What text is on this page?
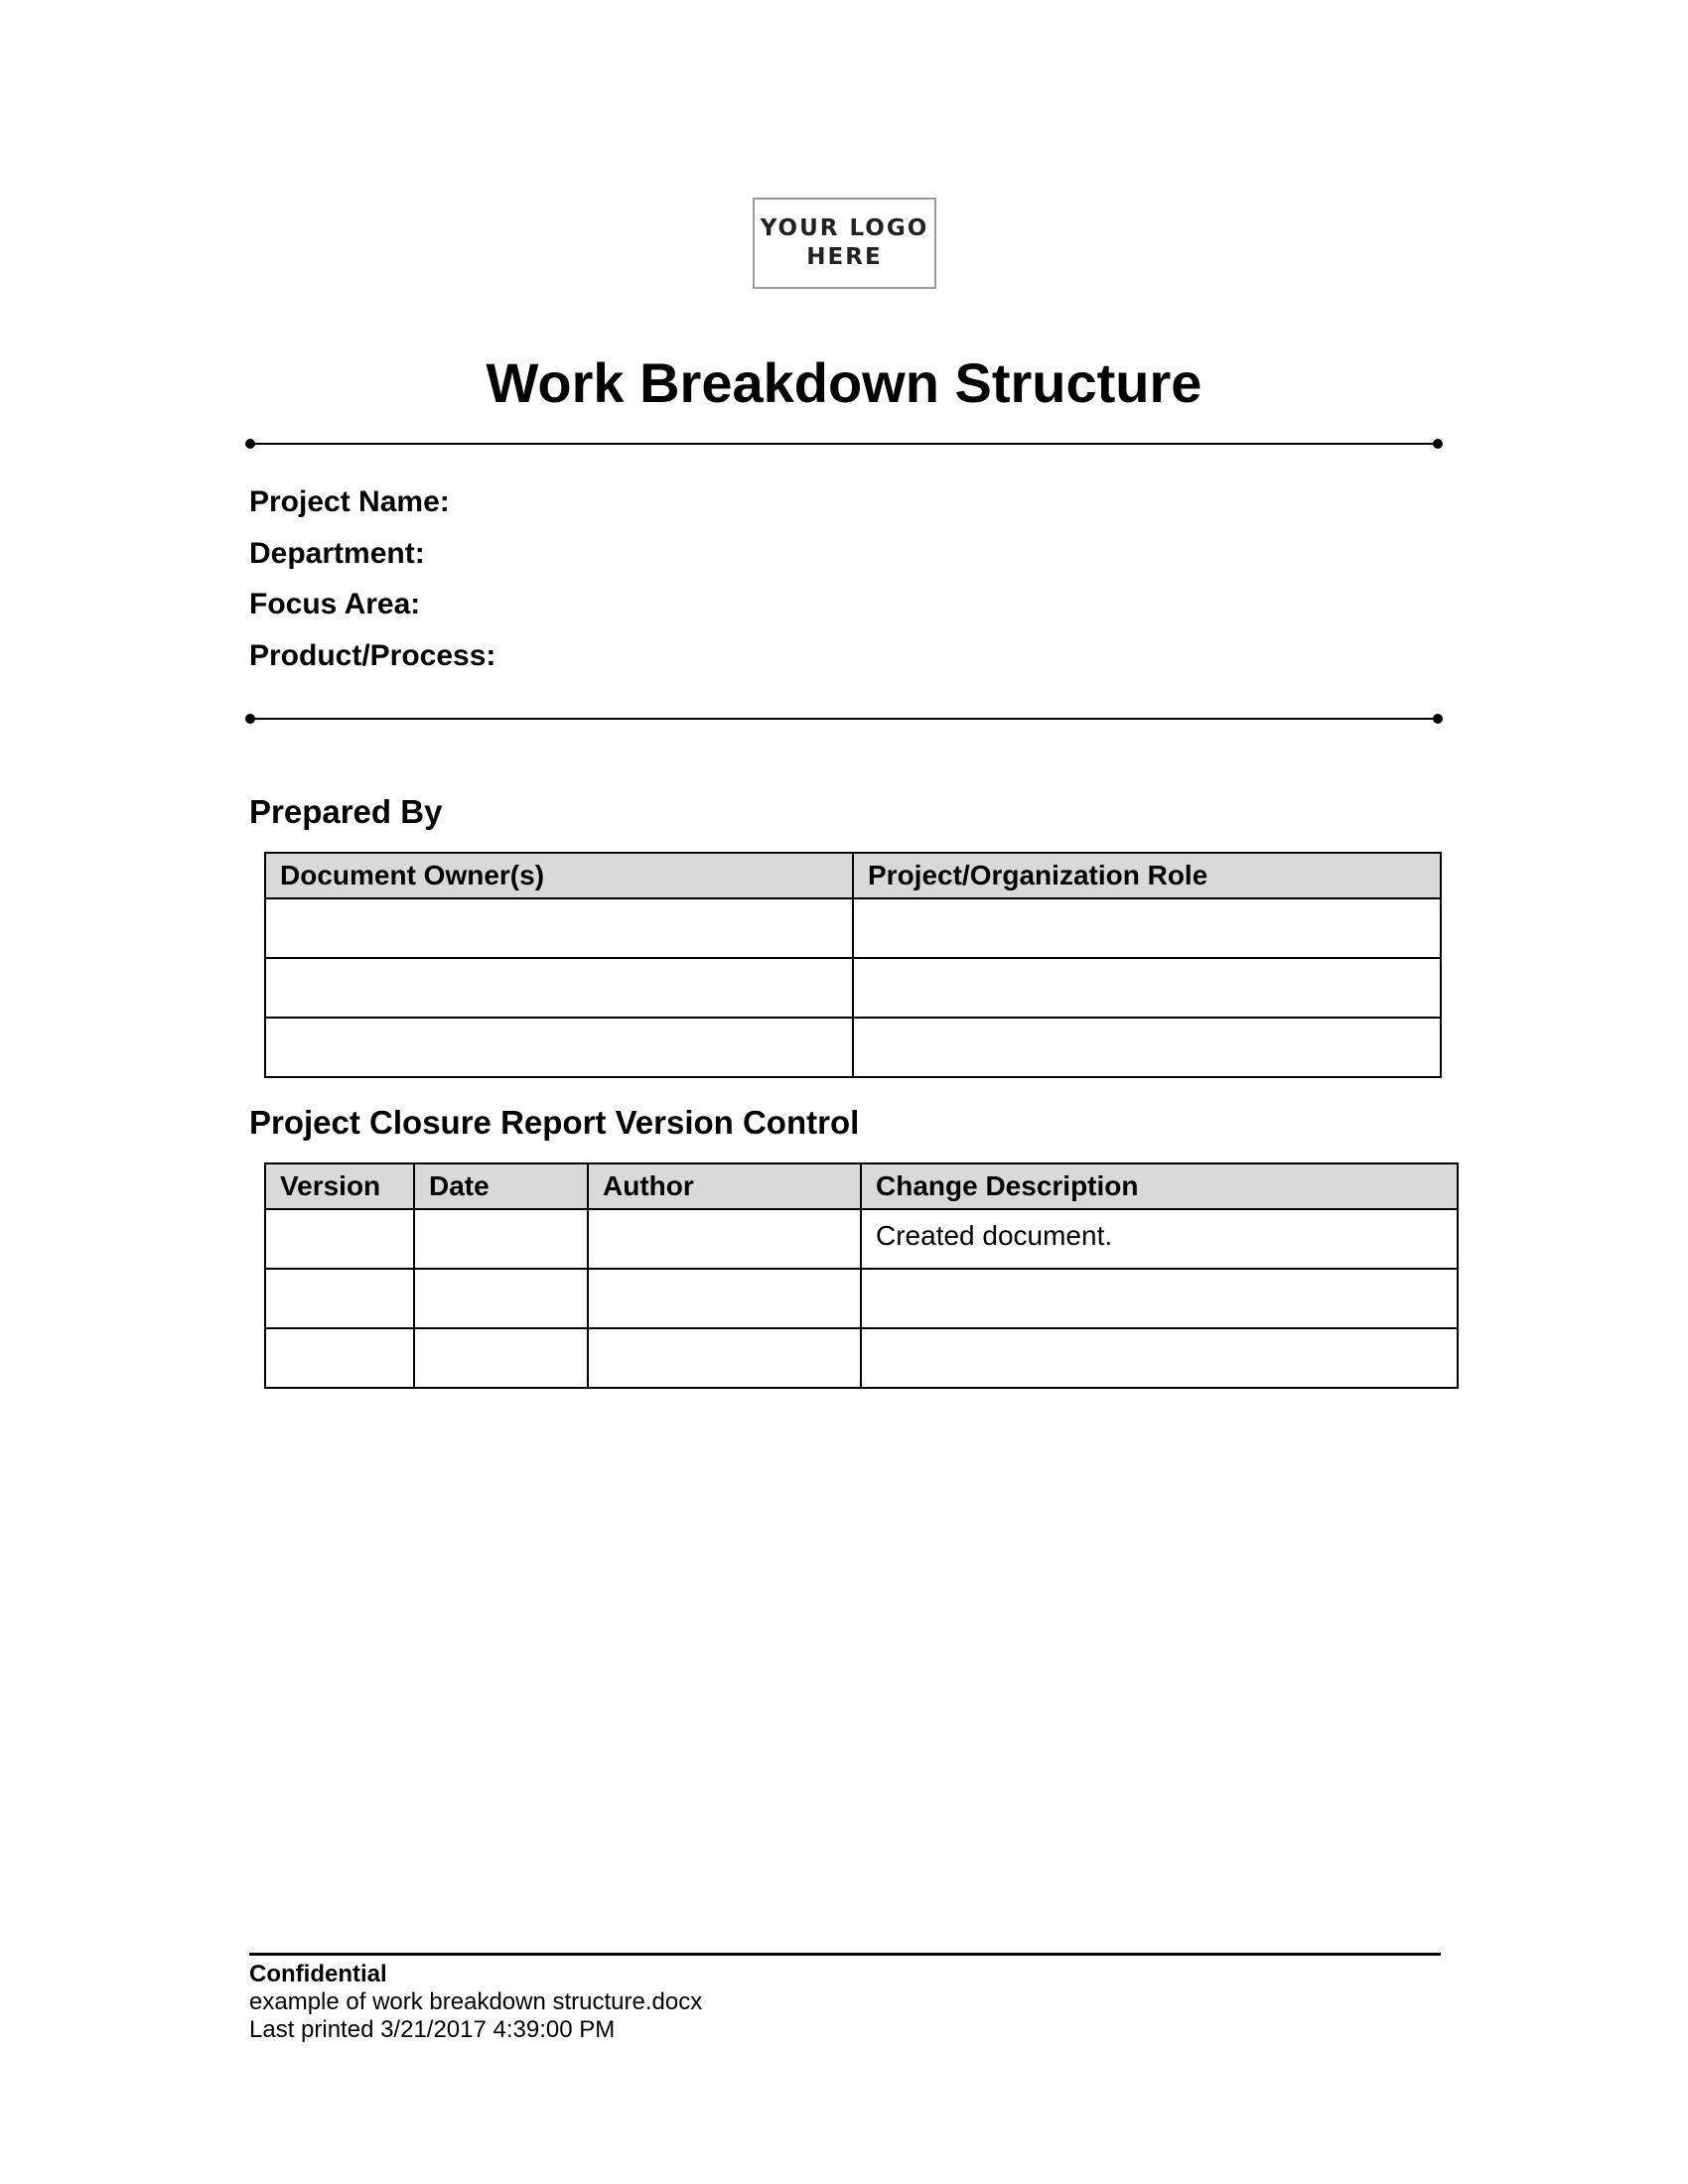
YOUR LOGO
HERE
Work Breakdown Structure
Project Name:
Department:
Focus Area:
Product/Process:
Prepared By
Document Owner(s)	Project/Organization Role

Project Closure Report Version Control
Version	Date	Author	Change Description
			Created document.

Confidential
example of work breakdown structure.docx
Last printed 3/21/2017 4:39:00 PM
